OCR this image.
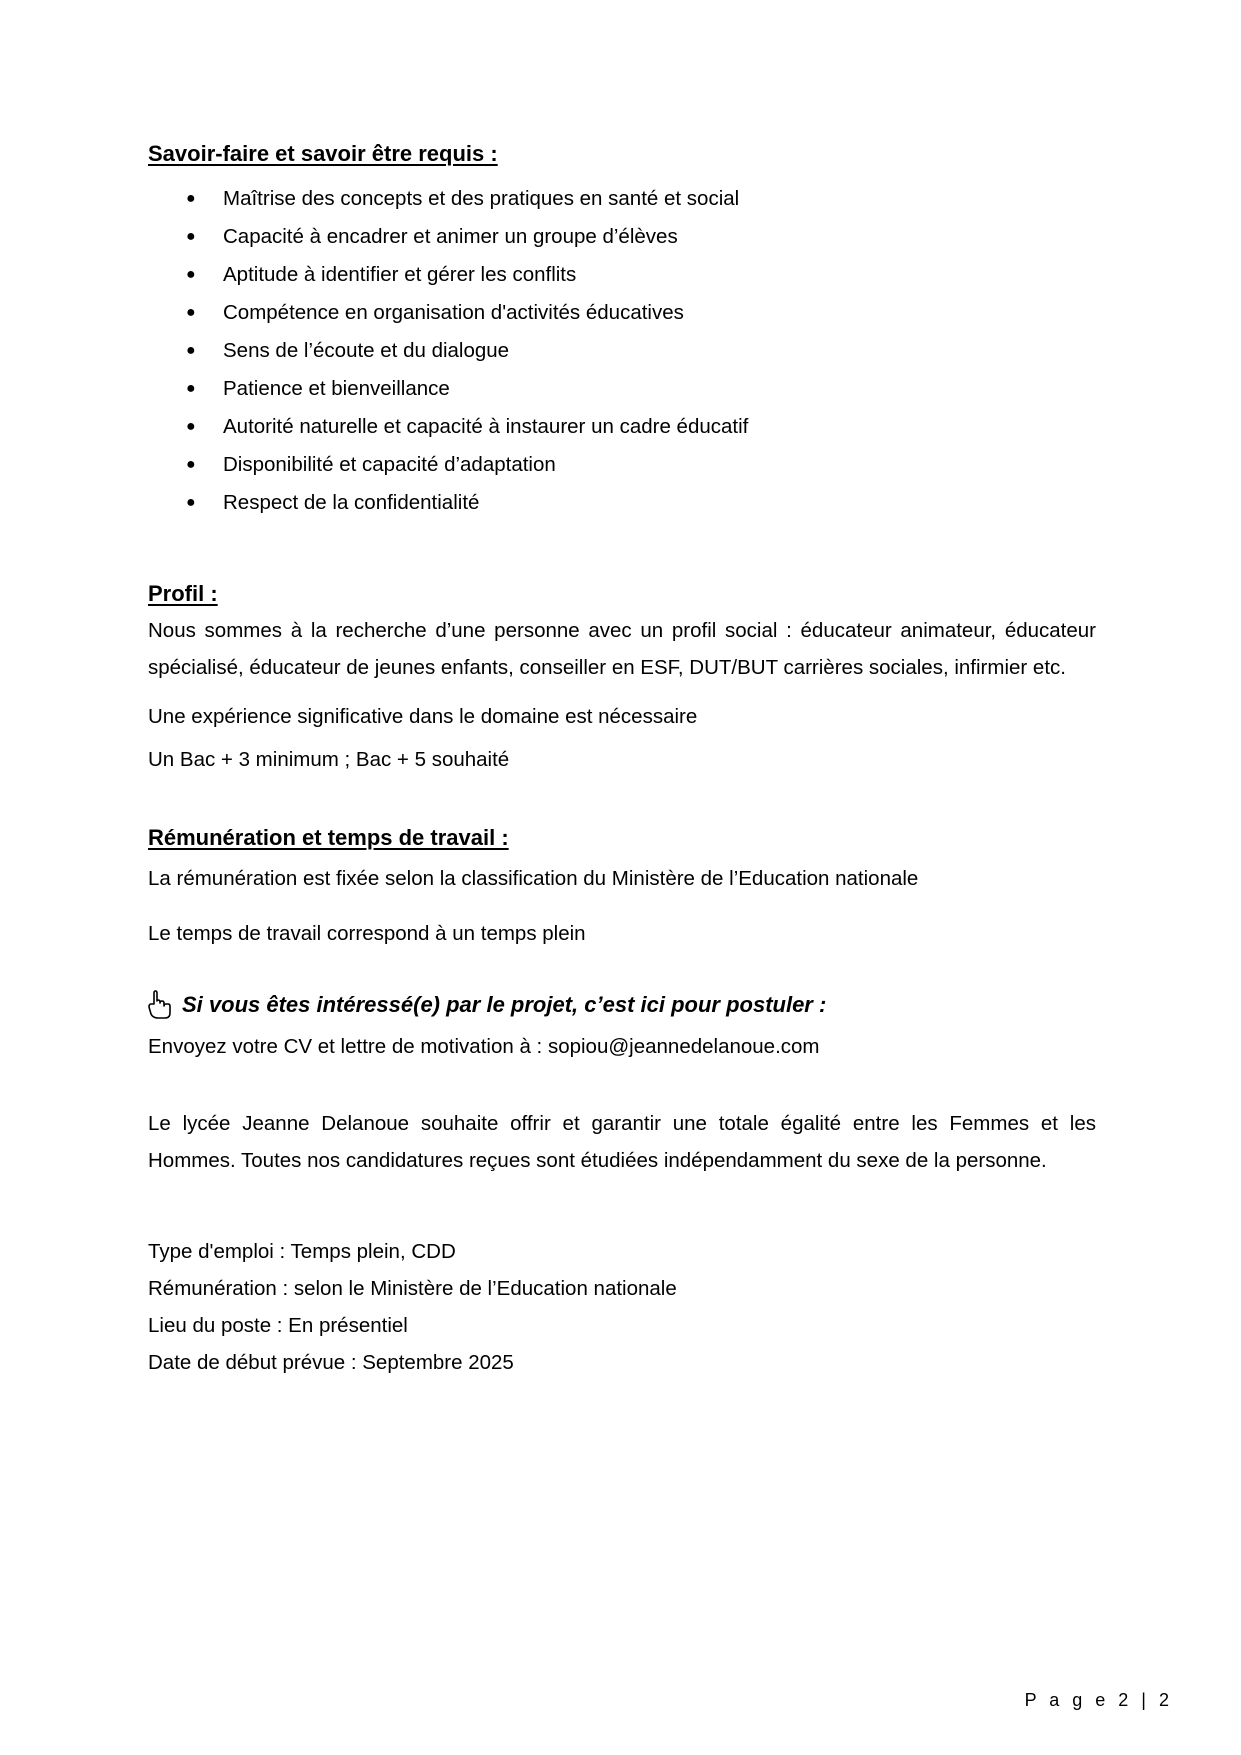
Savoir-faire et savoir être requis :
● Maîtrise des concepts et des pratiques en santé et social
● Capacité à encadrer et animer un groupe d’élèves
● Aptitude à identifier et gérer les conflits
● Compétence en organisation d'activités éducatives
● Sens de l’écoute et du dialogue
● Patience et bienveillance
● Autorité naturelle et capacité à instaurer un cadre éducatif
● Disponibilité et capacité d’adaptation
● Respect de la confidentialité
Profil :

Nous sommes à la recherche d’une personne avec un profil social : éducateur animateur, éducateur spécialisé, éducateur de jeunes enfants, conseiller en ESF, DUT/BUT carrières sociales, infirmier etc.

Une expérience significative dans le domaine est nécessaire

Un Bac + 3 minimum ; Bac + 5 souhaité

Rémunération et temps de travail :

La rémunération est fixée selon la classification du Ministère de l’Education nationale

Le temps de travail correspond à un temps plein

Si vous êtes intéressé(e) par le projet, c’est ici pour postuler :

Envoyez votre CV et lettre de motivation à : sopiou@jeannedelanoue.com

Le lycée Jeanne Delanoue souhaite offrir et garantir une totale égalité entre les Femmes et les Hommes. Toutes nos candidatures reçues sont étudiées indépendamment du sexe de la personne.

Type d'emploi : Temps plein, CDD

Rémunération : selon le Ministère de l’Education nationale

Lieu du poste : En présentiel

Date de début prévue : Septembre 2025

P a g e 2 | 2
